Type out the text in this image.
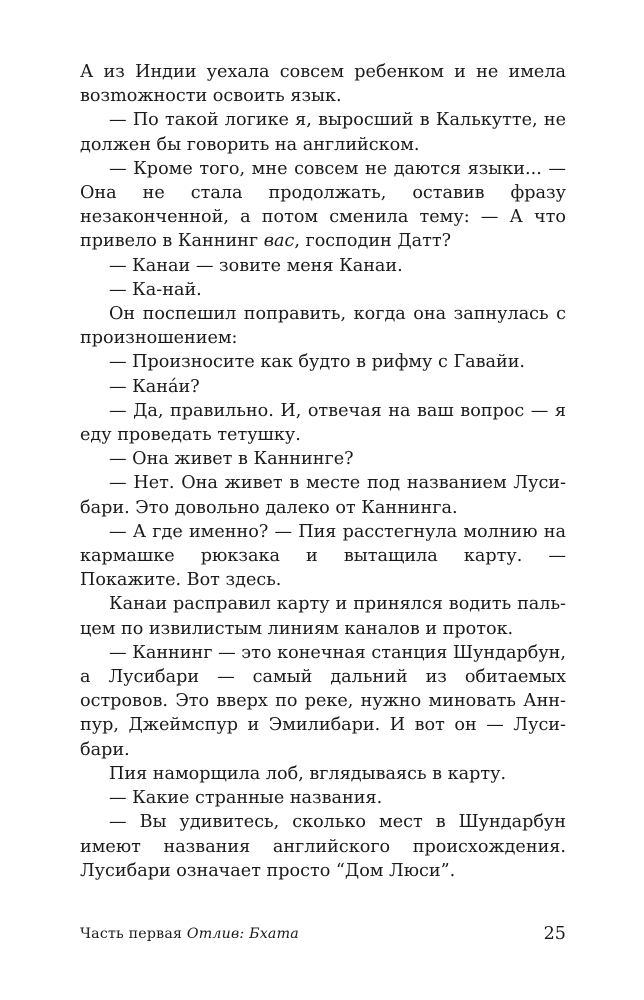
А из Индии уехала совсем ребенком и не имела возmожности освоить язык.

— По такой логике я, выросший в Калькутте, не должен бы говорить на английском.

— Кроме того, мне совсем не даются языки... — Она не стала продолжать, оставив фразу незаконченной, а потом сменила тему: — А что привело в Каннинг вас, господин Датт?

— Канаи — зовите меня Канаи.

— Ка-най.

Он поспешил поправить, когда она запнулась с произношением:

— Произносите как будто в рифму с Гавайи.

— Канáи?

— Да, правильно. И, отвечая на ваш вопрос — я еду проведать тетушку.

— Она живет в Каннинге?

— Нет. Она живет в месте под названием Лусибари. Это довольно далеко от Каннинга.

— А где именно? — Пия расстегнула молнию на кармашке рюкзака и вытащила карту. — Покажите. Вот здесь.

Канаи расправил карту и принялся водить пальцем по извилистым линиям каналов и проток.

— Каннинг — это конечная станция Шундарбун, а Лусибари — самый дальний из обитаемых островов. Это вверх по реке, нужно миновать Аннпур, Джеймспур и Эмилибари. И вот он — Лусибари.

Пия наморщила лоб, вглядываясь в карту.

— Какие странные названия.

— Вы удивитесь, сколько мест в Шундарбун имеют названия английского происхождения. Лусибари означает просто “Дом Люси”.

Часть первая Отлив: Бхата	25
